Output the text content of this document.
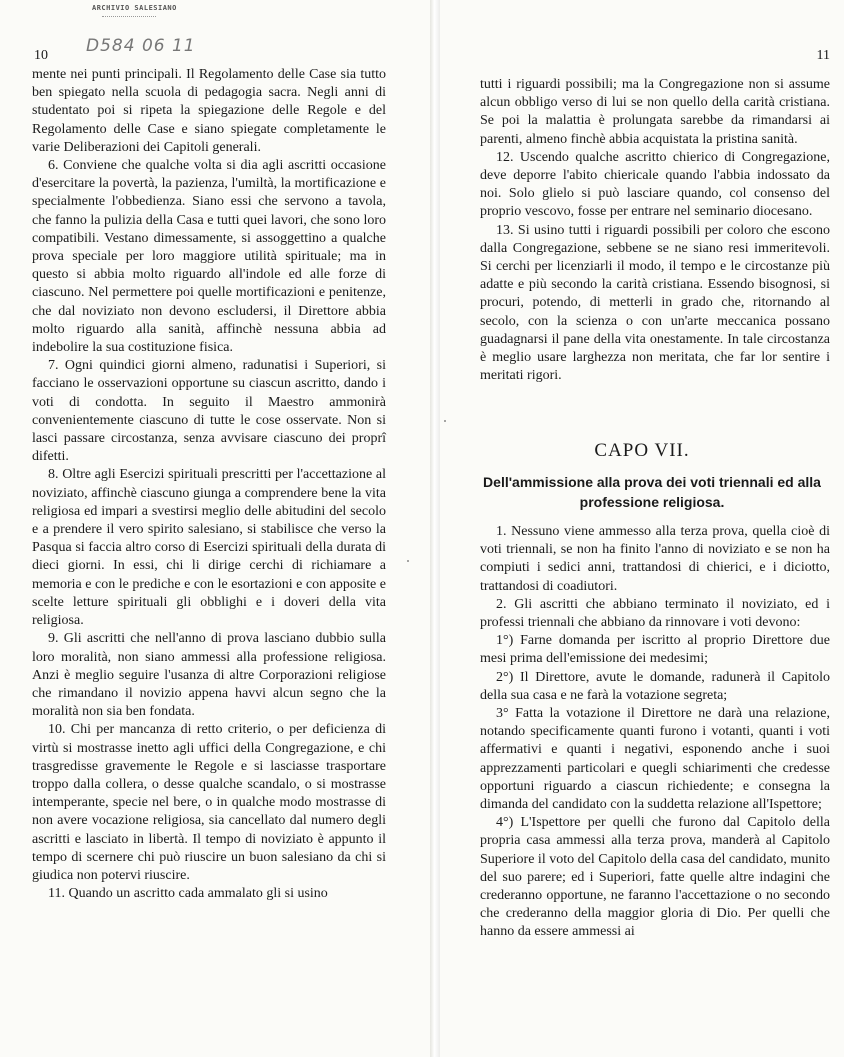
ARCHIVIO SALESIANO
D584 06 11
10

mente nei punti principali. Il Regolamento delle Case sia tutto ben spiegato nella scuola di pedagogia sacra. Negli anni di studentato poi si ripeta la spiegazione delle Regole e del Regolamento delle Case e siano spiegate completamente le varie Deliberazioni dei Capitoli generali.

6. Conviene che qualche volta si dia agli ascritti occasione d'esercitare la povertà, la pazienza, l'umiltà, la mortificazione e specialmente l'obbedienza. Siano essi che servono a tavola, che fanno la pulizia della Casa e tutti quei lavori, che sono loro compatibili. Vestano dimessamente, si assoggettino a qualche prova speciale per loro maggiore utilità spirituale; ma in questo si abbia molto riguardo all'indole ed alle forze di ciascuno. Nel permettere poi quelle mortificazioni e penitenze, che dal noviziato non devono escludersi, il Direttore abbia molto riguardo alla sanità, affinchè nessuna abbia ad indebolire la sua costituzione fisica.

7. Ogni quindici giorni almeno, radunatisi i Superiori, si facciano le osservazioni opportune su ciascun ascritto, dando i voti di condotta. In seguito il Maestro ammonirà convenientemente ciascuno di tutte le cose osservate. Non si lasci passare circostanza, senza avvisare ciascuno dei proprî difetti.

8. Oltre agli Esercizi spirituali prescritti per l'accettazione al noviziato, affinchè ciascuno giunga a comprendere bene la vita religiosa ed impari a svestirsi meglio delle abitudini del secolo e a prendere il vero spirito salesiano, si stabilisce che verso la Pasqua si faccia altro corso di Esercizi spirituali della durata di dieci giorni. In essi, chi li dirige cerchi di richiamare a memoria e con le prediche e con le esortazioni e con apposite e scelte letture spirituali gli obblighi e i doveri della vita religiosa.

9. Gli ascritti che nell'anno di prova lasciano dubbio sulla loro moralità, non siano ammessi alla professione religiosa. Anzi è meglio seguire l'usanza di altre Corporazioni religiose che rimandano il novizio appena havvi alcun segno che la moralità non sia ben fondata.

10. Chi per mancanza di retto criterio, o per deficienza di virtù si mostrasse inetto agli uffici della Congregazione, e chi trasgredisse gravemente le Regole e si lasciasse trasportare troppo dalla collera, o desse qualche scandalo, o si mostrasse intemperante, specie nel bere, o in qualche modo mostrasse di non avere vocazione religiosa, sia cancellato dal numero degli ascritti e lasciato in libertà. Il tempo di noviziato è appunto il tempo di scernere chi può riuscire un buon salesiano da chi si giudica non potervi riuscire.

11. Quando un ascritto cada ammalato gli si usino

11

tutti i riguardi possibili; ma la Congregazione non si assume alcun obbligo verso di lui se non quello della carità cristiana. Se poi la malattia è prolungata sarebbe da rimandarsi ai parenti, almeno finchè abbia acquistata la pristina sanità.

12. Uscendo qualche ascritto chierico di Congregazione, deve deporre l'abito chiericale quando l'abbia indossato da noi. Solo glielo si può lasciare quando, col consenso del proprio vescovo, fosse per entrare nel seminario diocesano.

13. Si usino tutti i riguardi possibili per coloro che escono dalla Congregazione, sebbene se ne siano resi immeritevoli. Si cerchi per licenziarli il modo, il tempo e le circostanze più adatte e più secondo la carità cristiana. Essendo bisognosi, si procuri, potendo, di metterli in grado che, ritornando al secolo, con la scienza o con un'arte meccanica possano guadagnarsi il pane della vita onestamente. In tale circostanza è meglio usare larghezza non meritata, che far lor sentire i meritati rigori.

CAPO VII.
Dell'ammissione alla prova dei voti triennali ed alla professione religiosa.

1. Nessuno viene ammesso alla terza prova, quella cioè di voti triennali, se non ha finito l'anno di noviziato e se non ha compiuti i sedici anni, trattandosi di chierici, e i diciotto, trattandosi di coadiutori.

2. Gli ascritti che abbiano terminato il noviziato, ed i professi triennali che abbiano da rinnovare i voti devono:

1°) Farne domanda per iscritto al proprio Direttore due mesi prima dell'emissione dei medesimi;

2°) Il Direttore, avute le domande, radunerà il Capitolo della sua casa e ne farà la votazione segreta;

3° Fatta la votazione il Direttore ne darà una relazione, notando specificamente quanti furono i votanti, quanti i voti affermativi e quanti i negativi, esponendo anche i suoi apprezzamenti particolari e quegli schiarimenti che credesse opportuni riguardo a ciascun richiedente; e consegna la dimanda del candidato con la suddetta relazione all'Ispettore;

4°) L'Ispettore per quelli che furono dal Capitolo della propria casa ammessi alla terza prova, manderà al Capitolo Superiore il voto del Capitolo della casa del candidato, munito del suo parere; ed i Superiori, fatte quelle altre indagini che crederanno opportune, ne faranno l'accettazione o no secondo che crederanno della maggior gloria di Dio. Per quelli che hanno da essere ammessi ai
